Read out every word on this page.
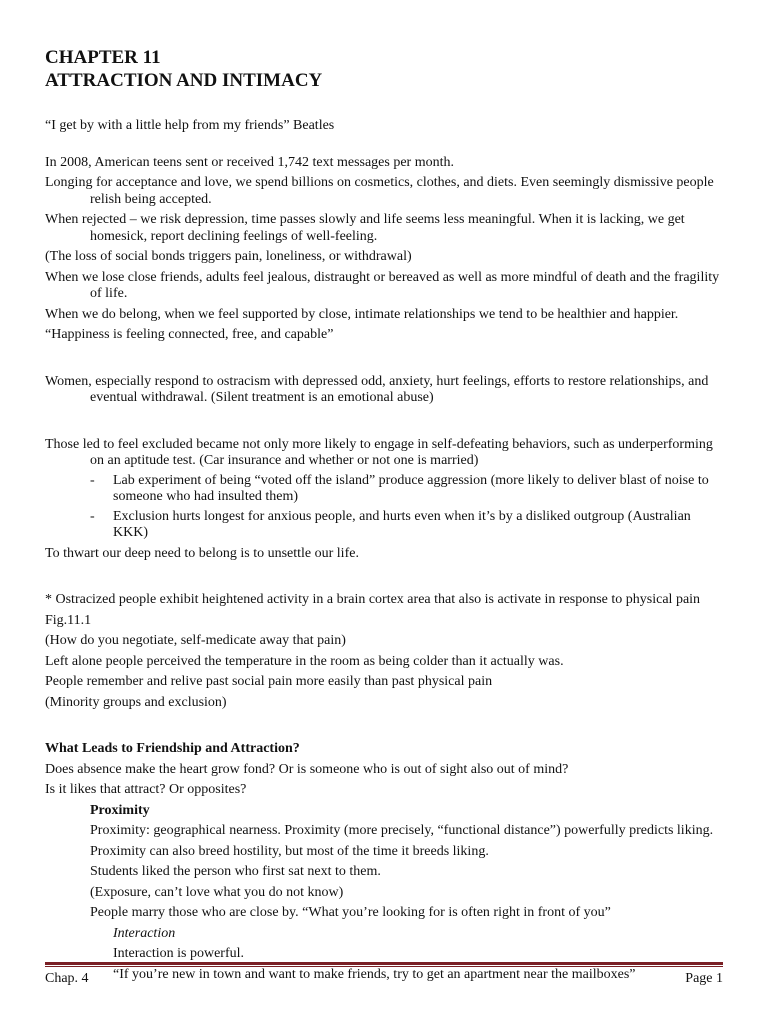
CHAPTER 11

ATTRACTION AND INTIMACY

“I get by with a little help from my friends” Beatles

In 2008, American teens sent or received 1,742 text messages per month.

Longing for acceptance and love, we spend billions on cosmetics, clothes, and diets. Even seemingly dismissive people relish being accepted.

When rejected – we risk depression, time passes slowly and life seems less meaningful. When it is lacking, we get homesick, report declining feelings of well-feeling.

(The loss of social bonds triggers pain, loneliness, or withdrawal)

When we lose close friends, adults feel jealous, distraught or bereaved as well as more mindful of death and the fragility of life.

When we do belong, when we feel supported by close, intimate relationships we tend to be healthier and happier.

“Happiness is feeling connected, free, and capable”

Women, especially respond to ostracism with depressed odd, anxiety, hurt feelings, efforts to restore relationships, and eventual withdrawal. (Silent treatment is an emotional abuse)

Those led to feel excluded became not only more likely to engage in self-defeating behaviors, such as underperforming on an aptitude test. (Car insurance and whether or not one is married)

- Lab experiment of being “voted off the island” produce aggression (more likely to deliver blast of noise to someone who had insulted them)
- Exclusion hurts longest for anxious people, and hurts even when it’s by a disliked outgroup (Australian KKK)

To thwart our deep need to belong is to unsettle our life.

* Ostracized people exhibit heightened activity in a brain cortex area that also is activate in response to physical pain

Fig.11.1

(How do you negotiate, self-medicate away that pain)

Left alone people perceived the temperature in the room as being colder than it actually was.

People remember and relive past social pain more easily than past physical pain

(Minority groups and exclusion)

What Leads to Friendship and Attraction?

Does absence make the heart grow fond? Or is someone who is out of sight also out of mind?

Is it likes that attract? Or opposites?

Proximity

Proximity: geographical nearness. Proximity (more precisely, “functional distance”) powerfully predicts liking.

Proximity can also breed hostility, but most of the time it breeds liking.

Students liked the person who first sat next to them.

(Exposure, can’t love what you do not know)

People marry those who are close by. “What you’re looking for is often right in front of you”

Interaction

Interaction is powerful.

“If you’re new in town and want to make friends, try to get an apartment near the mailboxes”

Chap. 4	Page 1
